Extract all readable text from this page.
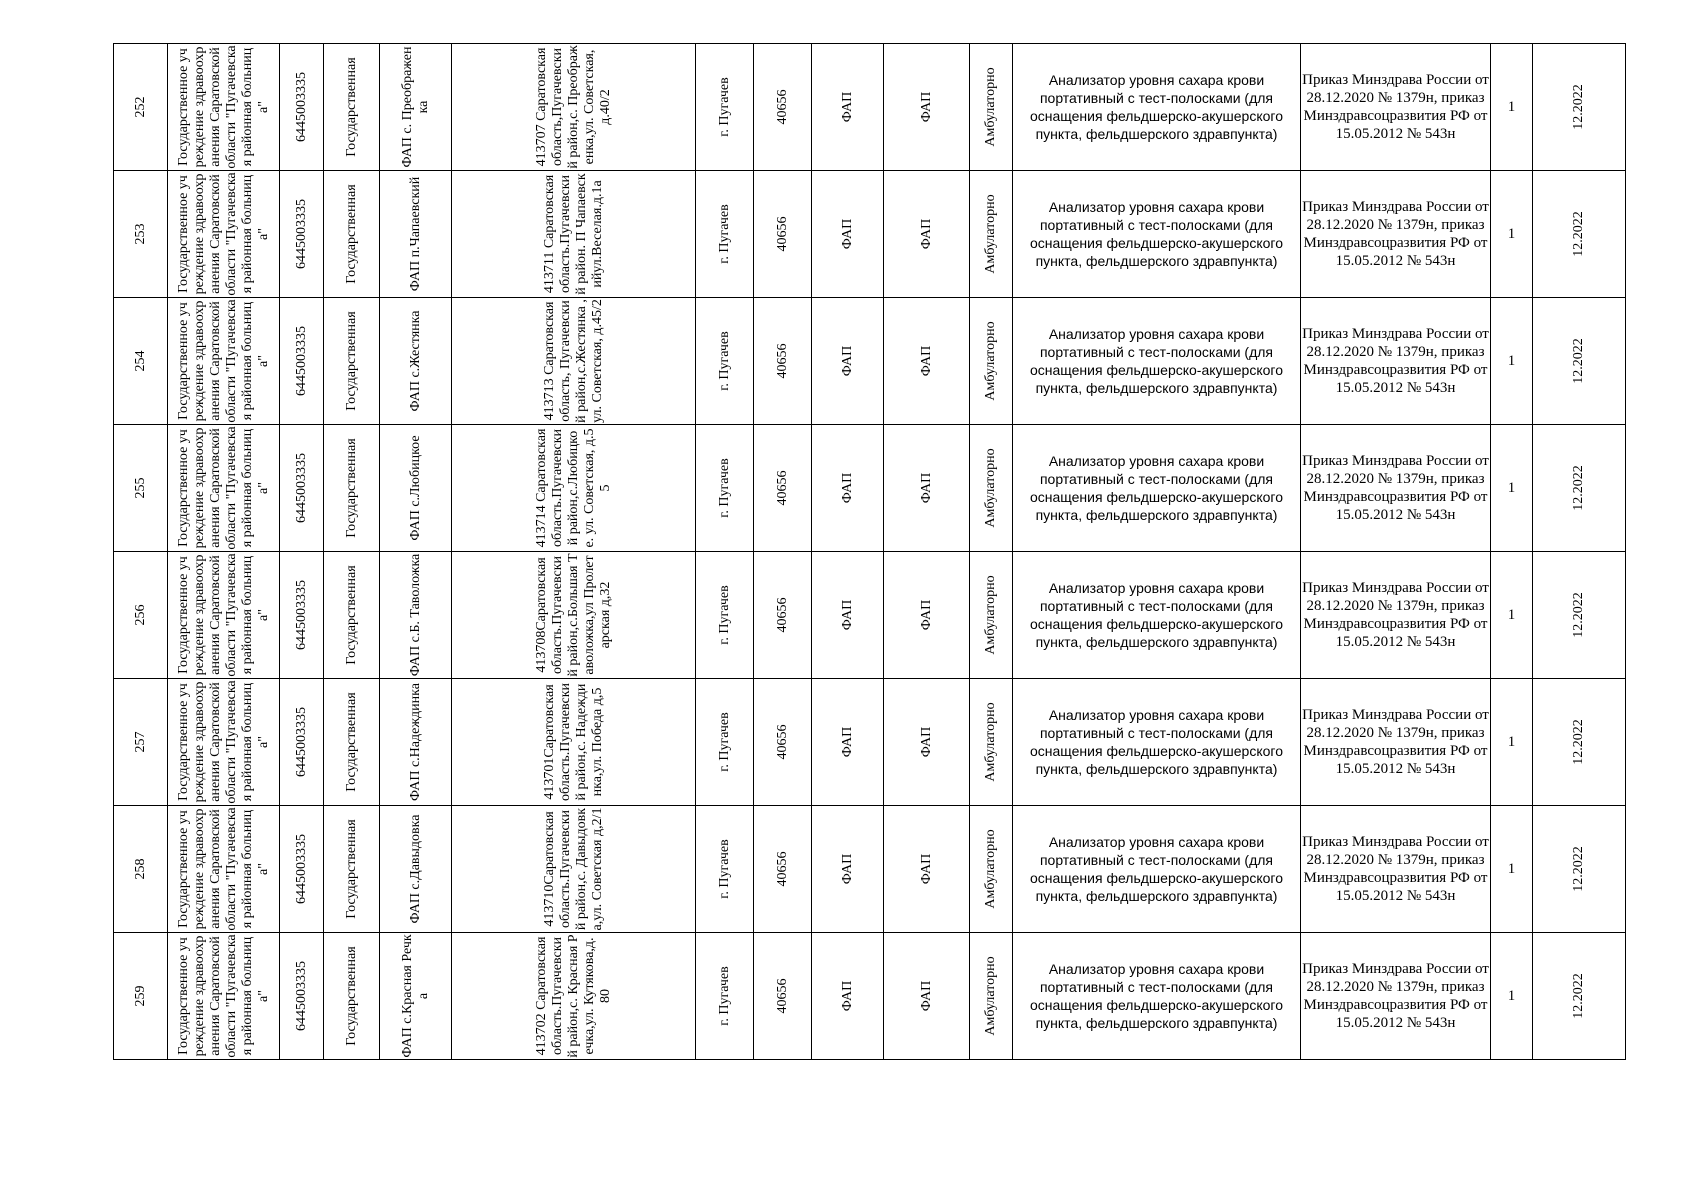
252	Государственное учреждение здравоохранения Саратовской области "Пугачевская районная больница"	6445003335	Государственная	ФАП с. Преображенка	413707 Саратовская область,Пугачевский район,с. Преображенка,ул. Советская,д.40/2	г. Пугачев	40656	ФАП	ФАП	Амбулаторно	Анализатор уровня сахара крови портативный с тест-полосками (для оснащения фельдшерско-акушерского пункта, фельдшерского здравпункта)	Приказ Минздрава России от 28.12.2020 № 1379н, приказ Минздравсоцразвития РФ от 15.05.2012 № 543н	1	12.2022

253	Государственное учреждение здравоохранения Саратовской области "Пугачевская районная больница"	6445003335	Государственная	ФАП п.Чапаевский	413711 Саратовская область.Пугачевский район. П Чапаевскийул.Веселая.д.1а	г. Пугачев	40656	ФАП	ФАП	Амбулаторно	Анализатор уровня сахара крови портативный с тест-полосками (для оснащения фельдшерско-акушерского пункта, фельдшерского здравпункта)	Приказ Минздрава России от 28.12.2020 № 1379н, приказ Минздравсоцразвития РФ от 15.05.2012 № 543н	1	12.2022

254	Государственное учреждение здравоохранения Саратовской области "Пугачевская районная больница"	6445003335	Государственная	ФАП с.Жестянка	413713 Саратовская область, Пугачевский район,с.Жестянка ,ул. Советская, д.45/2	г. Пугачев	40656	ФАП	ФАП	Амбулаторно	Анализатор уровня сахара крови портативный с тест-полосками (для оснащения фельдшерско-акушерского пункта, фельдшерского здравпункта)	Приказ Минздрава России от 28.12.2020 № 1379н, приказ Минздравсоцразвития РФ от 15.05.2012 № 543н	1	12.2022

255	Государственное учреждение здравоохранения Саратовской области "Пугачевская районная больница"	6445003335	Государственная	ФАП с.Любицкое	413714 Саратовская область.Пугачевский район,с.Любицкое. ул. Советская, д.55	г. Пугачев	40656	ФАП	ФАП	Амбулаторно	Анализатор уровня сахара крови портативный с тест-полосками (для оснащения фельдшерско-акушерского пункта, фельдшерского здравпункта)	Приказ Минздрава России от 28.12.2020 № 1379н, приказ Минздравсоцразвития РФ от 15.05.2012 № 543н	1	12.2022

256	Государственное учреждение здравоохранения Саратовской области "Пугачевская районная больница"	6445003335	Государственная	ФАП с.Б. Таволожка	413708Саратовская область.Пугачевский район,с.Большая Таволожка,ул Пролетарская д,32	г. Пугачев	40656	ФАП	ФАП	Амбулаторно	Анализатор уровня сахара крови портативный с тест-полосками (для оснащения фельдшерско-акушерского пункта, фельдшерского здравпункта)	Приказ Минздрава России от 28.12.2020 № 1379н, приказ Минздравсоцразвития РФ от 15.05.2012 № 543н	1	12.2022

257	Государственное учреждение здравоохранения Саратовской области "Пугачевская районная больница"	6445003335	Государственная	ФАП с.Надеждинка	413701Саратовская область.Пугачевский район,с. Надеждинка,ул. Победа д,5	г. Пугачев	40656	ФАП	ФАП	Амбулаторно	Анализатор уровня сахара крови портативный с тест-полосками (для оснащения фельдшерско-акушерского пункта, фельдшерского здравпункта)	Приказ Минздрава России от 28.12.2020 № 1379н, приказ Минздравсоцразвития РФ от 15.05.2012 № 543н	1	12.2022

258	Государственное учреждение здравоохранения Саратовской области "Пугачевская районная больница"	6445003335	Государственная	ФАП с.Давыдовка	413710Саратовская область.Пугачевский район,с. Давыдовка,ул. Советская д,2/1	г. Пугачев	40656	ФАП	ФАП	Амбулаторно	Анализатор уровня сахара крови портативный с тест-полосками (для оснащения фельдшерско-акушерского пункта, фельдшерского здравпункта)	Приказ Минздрава России от 28.12.2020 № 1379н, приказ Минздравсоцразвития РФ от 15.05.2012 № 543н	1	12.2022

259	Государственное учреждение здравоохранения Саратовской области "Пугачевская районная больница"	6445003335	Государственная	ФАП с.Красная Речка	413702 Саратовская область.Пугачевский район,с. Красная Речка,ул. Кутякова,д.80	г. Пугачев	40656	ФАП	ФАП	Амбулаторно	Анализатор уровня сахара крови портативный с тест-полосками (для оснащения фельдшерско-акушерского пункта, фельдшерского здравпункта)	Приказ Минздрава России от 28.12.2020 № 1379н, приказ Минздравсоцразвития РФ от 15.05.2012 № 543н	1	12.2022
